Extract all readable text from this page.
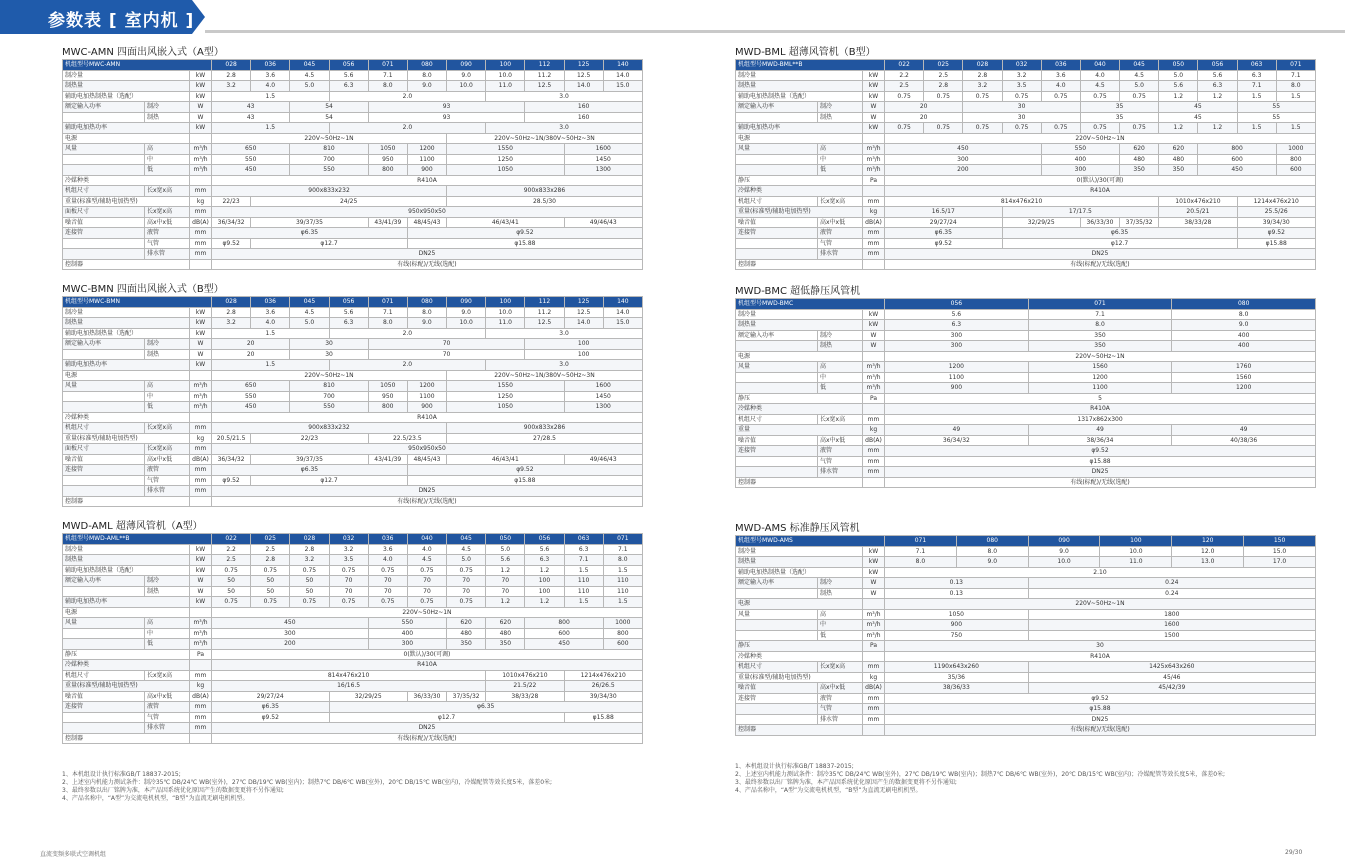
参数表 [ 室内机 ]
MWC-AMN 四面出风嵌入式（A型）
机组型号MWC-AMN			028	036	045	056	071	080	090	100	112	125	140
制冷量		kW	2.8	3.6	4.5	5.6	7.1	8.0	9.0	10.0	11.2	12.5	14.0
制热量		kW	3.2	4.0	5.0	6.3	8.0	9.0	10.0	11.0	12.5	14.0	15.0
辅助电加热制热量（选配）		kW	1.5			2.0				3.0			
额定输入功率	制冷	W	43		54		93				160		
	制热	W	43		54		93				160		
辅助电加热功率		kW	1.5			2.0				3.0			
电源			220V~50Hz~1N						220V~50Hz~1N/380V~50Hz~3N				
风量	高	m³/h	650		810		1050	1200	1550			1600	
	中	m³/h	550		700		950	1100	1250			1450	
	低	m³/h	450		550		800	900	1050			1300	
冷媒种类			R410A										
机组尺寸	长x宽x高	mm	900x833x232						900x833x286				
重量(标准型/辅助电加热型)		kg	22/23	24/25					28.5/30				
面板尺寸	长x宽x高	mm	950x950x50										
噪音值	高x中x低	dB(A)	36/34/32	39/37/35			43/41/39	48/45/43	46/43/41			49/46/43	
连接管	液管	mm	φ6.35					φ9.52					
	气管	mm	φ9.52	φ12.7				φ15.88					
	排水管	mm	DN25										
控制器			有线(标配)/无线(选配)										
MWC-BMN 四面出风嵌入式（B型）
机组型号MWC-BMN			028	036	045	056	071	080	090	100	112	125	140
制冷量		kW	2.8	3.6	4.5	5.6	7.1	8.0	9.0	10.0	11.2	12.5	14.0
制热量		kW	3.2	4.0	5.0	6.3	8.0	9.0	10.0	11.0	12.5	14.0	15.0
辅助电加热制热量（选配）		kW	1.5			2.0				3.0			
额定输入功率	制冷	W	20		30		70				100		
	制热	W	20		30		70				100		
辅助电加热功率		kW	1.5			2.0				3.0			
电源			220V~50Hz~1N						220V~50Hz~1N/380V~50Hz~3N				
风量	高	m³/h	650		810		1050	1200	1550			1600	
	中	m³/h	550		700		950	1100	1250			1450	
	低	m³/h	450		550		800	900	1050			1300	
冷媒种类			R410A										
机组尺寸	长x宽x高	mm	900x833x232						900x833x286				
重量(标准型/辅助电加热型)		kg	20.5/21.5	22/23			22.5/23.5		27/28.5				
面板尺寸	长x宽x高	mm	950x950x50										
噪音值	高x中x低	dB(A)	36/34/32	39/37/35			43/41/39	48/45/43	46/43/41			49/46/43	
连接管	液管	mm	φ6.35					φ9.52					
	气管	mm	φ9.52	φ12.7				φ15.88					
	排水管	mm	DN25										
控制器			有线(标配)/无线(选配)										
MWD-AML 超薄风管机（A型）
机组型号MWD-AML**B			022	025	028	032	036	040	045	050	056	063	071
制冷量		kW	2.2	2.5	2.8	3.2	3.6	4.0	4.5	5.0	5.6	6.3	7.1
制热量		kW	2.5	2.8	3.2	3.5	4.0	4.5	5.0	5.6	6.3	7.1	8.0
辅助电加热制热量（选配）		kW	0.75	0.75	0.75	0.75	0.75	0.75	0.75	1.2	1.2	1.5	1.5
额定输入功率	制冷	W	50	50	50	70	70	70	70	70	100	110	110
	制热	W	50	50	50	70	70	70	70	70	100	110	110
辅助电加热功率		kW	0.75	0.75	0.75	0.75	0.75	0.75	0.75	1.2	1.2	1.5	1.5
电源			220V~50Hz~1N										
风量	高	m³/h	450				550		620	620	800		1000
	中	m³/h	300				400		480	480	600		800
	低	m³/h	200				300		350	350	450		600
静压		Pa	0(默认)/30(可调)										
冷媒种类			R410A										
机组尺寸	长x宽x高	mm	814x476x210							1010x476x210		1214x476x210	
重量(标准型/辅助电加热型)		kg	16/16.5							21.5/22		26/26.5	
噪音值	高x中x低	dB(A)	29/27/24			32/29/25		36/33/30	37/35/32	38/33/28		39/34/30	
连接管	液管	mm	φ6.35			φ6.35							
	气管	mm	φ9.52			φ12.7						φ15.88	
	排水管	mm	DN25										
控制器			有线(标配)/无线(选配)										
MWD-BML 超薄风管机（B型）
机组型号MWD-BML**B			022	025	028	032	036	040	045	050	056	063	071
制冷量		kW	2.2	2.5	2.8	3.2	3.6	4.0	4.5	5.0	5.6	6.3	7.1
制热量		kW	2.5	2.8	3.2	3.5	4.0	4.5	5.0	5.6	6.3	7.1	8.0
辅助电加热制热量（选配）		kW	0.75	0.75	0.75	0.75	0.75	0.75	0.75	1.2	1.2	1.5	1.5
额定输入功率	制冷	W	20		30			35		45		55	
	制热	W	20		30			35		45		55	
辅助电加热功率		kW	0.75	0.75	0.75	0.75	0.75	0.75	0.75	1.2	1.2	1.5	1.5
电源			220V~50Hz~1N										
风量	高	m³/h	450				550		620	620	800		1000
	中	m³/h	300				400		480	480	600		800
	低	m³/h	200				300		350	350	450		600
静压		Pa	0(默认)/30(可调)										
冷媒种类			R410A										
机组尺寸	长x宽x高	mm	814x476x210							1010x476x210		1214x476x210	
重量(标准型/辅助电加热型)		kg	16.5/17			17/17.5				20.5/21		25.5/26	
噪音值	高x中x低	dB(A)	29/27/24			32/29/25		36/33/30	37/35/32	38/33/28		39/34/30	
连接管	液管	mm	φ6.35			φ6.35						φ9.52	
	气管	mm	φ9.52			φ12.7						φ15.88	
	排水管	mm	DN25										
控制器			有线(标配)/无线(选配)										
MWD-BMC 超低静压风管机
机组型号MWD-BMC			056	071	080
制冷量		kW	5.6	7.1	8.0
制热量		kW	6.3	8.0	9.0
额定输入功率	制冷	W	300	350	400
	制热	W	300	350	400
电源			220V~50Hz~1N		
风量	高	m³/h	1200	1560	1760
	中	m³/h	1100	1200	1560
	低	m³/h	900	1100	1200
静压		Pa	5		
冷媒种类			R410A		
机组尺寸	长x宽x高	mm	1317x862x300		
重量		kg	49	49	49
噪音值	高x中x低	dB(A)	36/34/32	38/36/34	40/38/36
连接管	液管	mm	φ9.52		
	气管	mm	φ15.88		
	排水管	mm	DN25		
控制器			有线(标配)/无线(选配)		
MWD-AMS 标准静压风管机
机组型号MWD-AMS			071	080	090	100	120	150
制冷量		kW	7.1	8.0	9.0	10.0	12.0	15.0
制热量		kW	8.0	9.0	10.0	11.0	13.0	17.0
辅助电加热制热量（选配）		kW	2.10					
额定输入功率	制冷	W	0.13		0.24			
	制热	W	0.13		0.24			
电源			220V~50Hz~1N					
风量	高	m³/h	1050		1800			
	中	m³/h	900		1600			
	低	m³/h	750		1500			
静压		Pa	30					
冷媒种类			R410A					
机组尺寸	长x宽x高	mm	1190x643x260		1425x643x260			
重量(标准型/辅助电加热型)		kg	35/36		45/46			
噪音值	高x中x低	dB(A)	38/36/33		45/42/39			
连接管	液管	mm	φ9.52					
	气管	mm	φ15.88					
	排水管	mm	DN25					
控制器			有线(标配)/无线(选配)					
1、本机组设计执行标准GB/T 18837-2015;
2、上述室内机能力测试条件：制冷35℃ DB/24℃ WB(室外)，27℃ DB/19℃ WB(室内)；制热7℃ DB/6℃ WB(室外)，20℃ DB/15℃ WB(室内)，冷媒配管等效长度5米，落差0米;
3、最终参数以出厂铭牌为准，本产品因系统优化原因产生的数据变更将不另作通知;
4、产品名称中，“A型”为交流电机机型，“B型”为直流无刷电机机型。
1、本机组设计执行标准GB/T 18837-2015;
2、上述室内机能力测试条件：制冷35℃ DB/24℃ WB(室外)，27℃ DB/19℃ WB(室内)；制热7℃ DB/6℃ WB(室外)，20℃ DB/15℃ WB(室内)；冷媒配管等效长度5米，落差0米;
3、最终参数以出厂铭牌为准，本产品因系统优化原因产生的数据变更将不另作通知;
4、产品名称中，“A型”为交流电机机型，“B型”为直流无刷电机机型。
直流变频多联式空调机组	29/30
